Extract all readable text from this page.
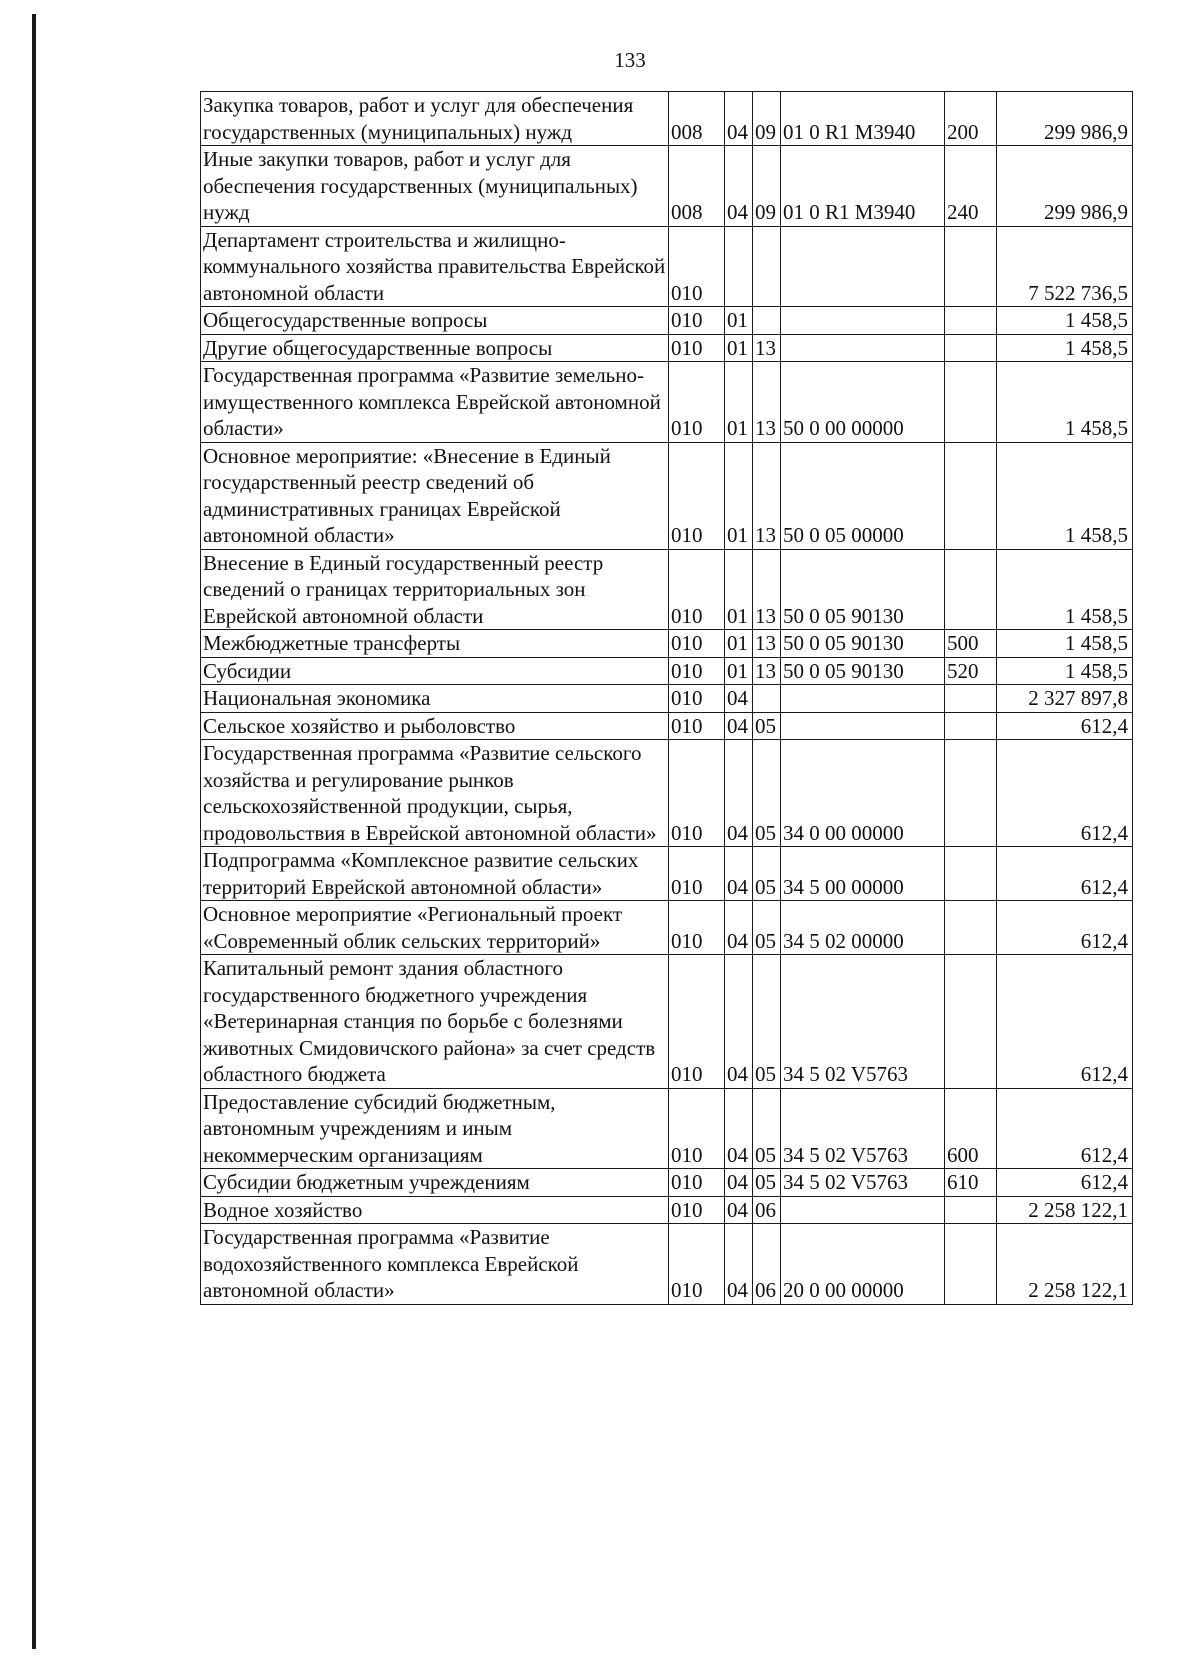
133
Закупка товаров, работ и услуг для обеспечения государственных (муниципальных) нужд	008	04	09	01 0 R1 M3940	200	299 986,9
Иные закупки товаров, работ и услуг для обеспечения государственных (муниципальных) нужд	008	04	09	01 0 R1 M3940	240	299 986,9
Департамент строительства и жилищно-коммунального хозяйства правительства Еврейской автономной области	010					7 522 736,5
Общегосударственные вопросы	010	01				1 458,5
Другие общегосударственные вопросы	010	01	13			1 458,5
Государственная программа «Развитие земельно-имущественного комплекса Еврейской автономной области»	010	01	13	50 0 00 00000		1 458,5
Основное мероприятие: «Внесение в Единый государственный реестр сведений об административных границах Еврейской автономной области»	010	01	13	50 0 05 00000		1 458,5
Внесение в Единый государственный реестр сведений о границах территориальных зон Еврейской автономной области	010	01	13	50 0 05 90130		1 458,5
Межбюджетные трансферты	010	01	13	50 0 05 90130	500	1 458,5
Субсидии	010	01	13	50 0 05 90130	520	1 458,5
Национальная экономика	010	04				2 327 897,8
Сельское хозяйство и рыболовство	010	04	05			612,4
Государственная программа «Развитие сельского хозяйства и регулирование рынков сельскохозяйственной продукции, сырья, продовольствия в Еврейской автономной области»	010	04	05	34 0 00 00000		612,4
Подпрограмма «Комплексное развитие сельских территорий Еврейской автономной области»	010	04	05	34 5 00 00000		612,4
Основное мероприятие «Региональный проект «Современный облик сельских территорий»	010	04	05	34 5 02 00000		612,4
Капитальный ремонт здания областного государственного бюджетного учреждения «Ветеринарная станция по борьбе с болезнями животных Смидовичского района» за счет средств областного бюджета	010	04	05	34 5 02 V5763		612,4
Предоставление субсидий бюджетным, автономным учреждениям и иным некоммерческим организациям	010	04	05	34 5 02 V5763	600	612,4
Субсидии бюджетным учреждениям	010	04	05	34 5 02 V5763	610	612,4
Водное хозяйство	010	04	06			2 258 122,1
Государственная программа «Развитие водохозяйственного комплекса Еврейской автономной области»	010	04	06	20 0 00 00000		2 258 122,1
